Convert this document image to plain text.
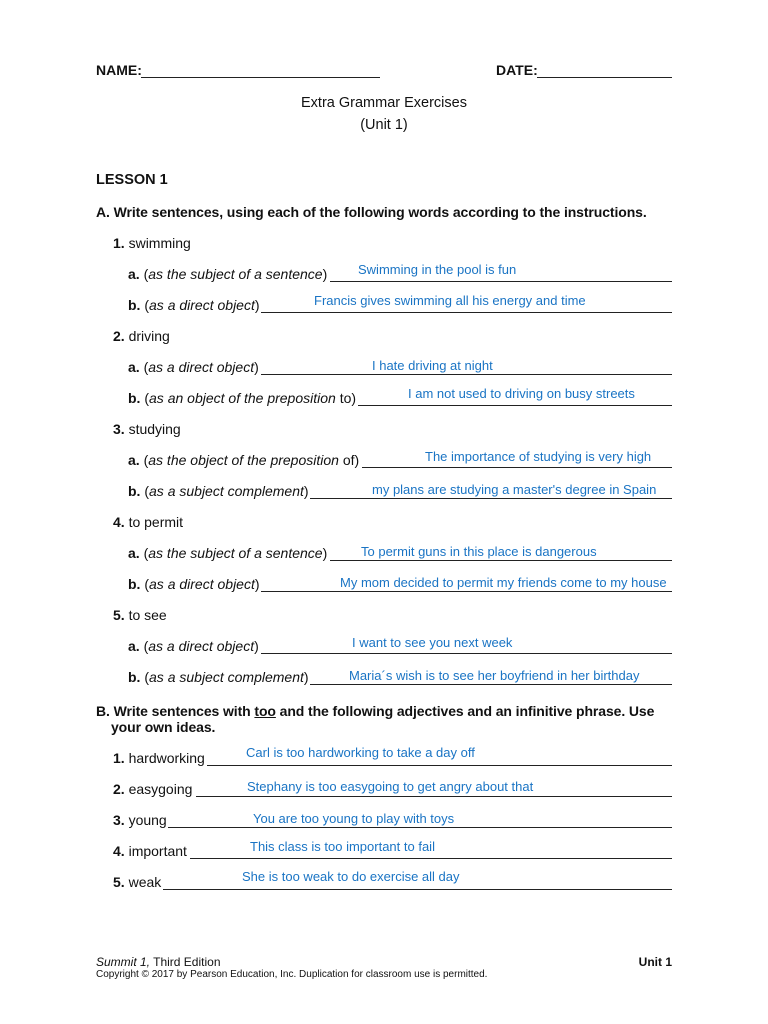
NAME:	DATE:
Extra Grammar Exercises
(Unit 1)
LESSON 1
A. Write sentences, using each of the following words according to the instructions.
1. swimming
a. (as the subject of a sentence) Swimming in the pool is fun
b. (as a direct object)	Francis gives swimming all his energy and time
2. driving
a. (as a direct object)	I hate driving at night
b. (as an object of the preposition to)	I am not used to driving on busy streets
3. studying
a. (as the object of the preposition of)	The importance of studying is very high
b. (as a subject complement)	my plans are studying a master's degree in Spain
4. to permit
a. (as the subject of a sentence)	To permit guns in this place is dangerous
b. (as a direct object)	My mom decided to permit my friends come to my house
5. to see
a. (as a direct object)	I want to see you next week
b. (as a subject complement)	Maria´s wish is to see her boyfriend in her birthday
B. Write sentences with too and the following adjectives and an infinitive phrase. Use
your own ideas.
1. hardworking	Carl is too hardworking to take a day off
2. easygoing	Stephany is too easygoing to get angry about that
3. young	You are too young to play with toys
4. important	This class is too important to fail
5. weak	She is too weak to do exercise all day
Summit 1, Third Edition
Copyright © 2017 by Pearson Education, Inc. Duplication for classroom use is permitted.
Unit 1
